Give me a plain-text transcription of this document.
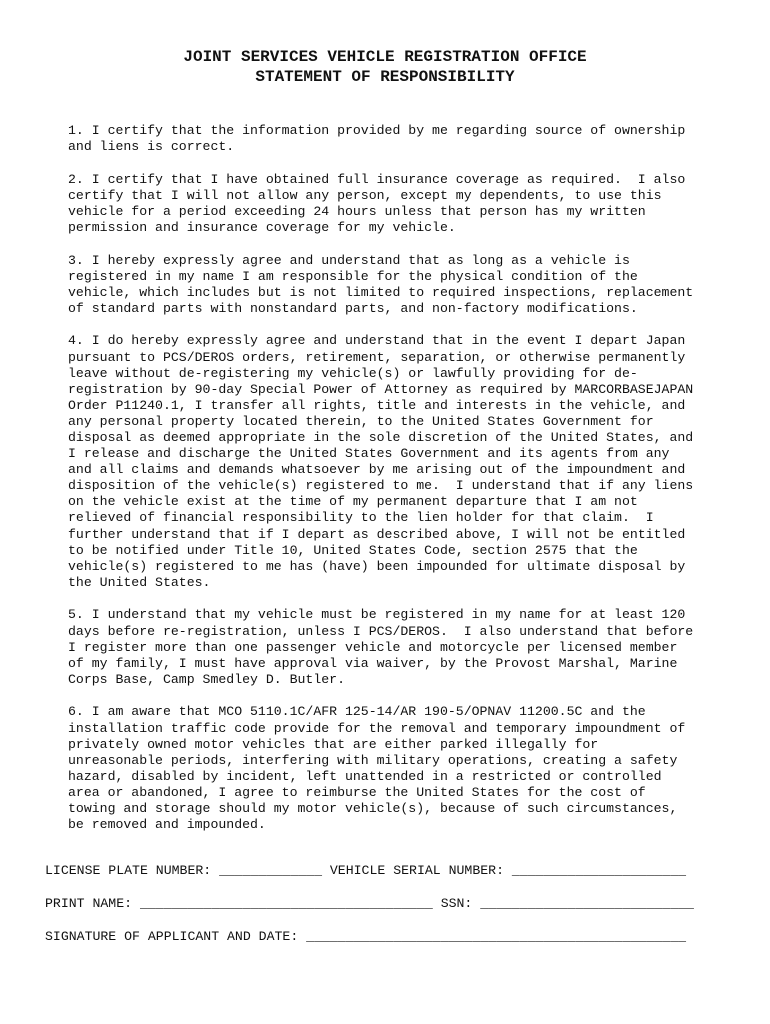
JOINT SERVICES VEHICLE REGISTRATION OFFICE
STATEMENT OF RESPONSIBILITY
1. I certify that the information provided by me regarding source of ownership
and liens is correct.
2. I certify that I have obtained full insurance coverage as required.  I also
certify that I will not allow any person, except my dependents, to use this
vehicle for a period exceeding 24 hours unless that person has my written
permission and insurance coverage for my vehicle.
3. I hereby expressly agree and understand that as long as a vehicle is
registered in my name I am responsible for the physical condition of the
vehicle, which includes but is not limited to required inspections, replacement
of standard parts with nonstandard parts, and non-factory modifications.
4. I do hereby expressly agree and understand that in the event I depart Japan
pursuant to PCS/DEROS orders, retirement, separation, or otherwise permanently
leave without de-registering my vehicle(s) or lawfully providing for de-
registration by 90-day Special Power of Attorney as required by MARCORBASEJAPAN
Order P11240.1, I transfer all rights, title and interests in the vehicle, and
any personal property located therein, to the United States Government for
disposal as deemed appropriate in the sole discretion of the United States, and
I release and discharge the United States Government and its agents from any
and all claims and demands whatsoever by me arising out of the impoundment and
disposition of the vehicle(s) registered to me.  I understand that if any liens
on the vehicle exist at the time of my permanent departure that I am not
relieved of financial responsibility to the lien holder for that claim.  I
further understand that if I depart as described above, I will not be entitled
to be notified under Title 10, United States Code, section 2575 that the
vehicle(s) registered to me has (have) been impounded for ultimate disposal by
the United States.
5. I understand that my vehicle must be registered in my name for at least 120
days before re-registration, unless I PCS/DEROS.  I also understand that before
I register more than one passenger vehicle and motorcycle per licensed member
of my family, I must have approval via waiver, by the Provost Marshal, Marine
Corps Base, Camp Smedley D. Butler.
6. I am aware that MCO 5110.1C/AFR 125-14/AR 190-5/OPNAV 11200.5C and the
installation traffic code provide for the removal and temporary impoundment of
privately owned motor vehicles that are either parked illegally for
unreasonable periods, interfering with military operations, creating a safety
hazard, disabled by incident, left unattended in a restricted or controlled
area or abandoned, I agree to reimburse the United States for the cost of
towing and storage should my motor vehicle(s), because of such circumstances,
be removed and impounded.
LICENSE PLATE NUMBER: _____________ VEHICLE SERIAL NUMBER: ______________________
PRINT NAME: _____________________________________ SSN: ___________________________
SIGNATURE OF APPLICANT AND DATE: ________________________________________________
